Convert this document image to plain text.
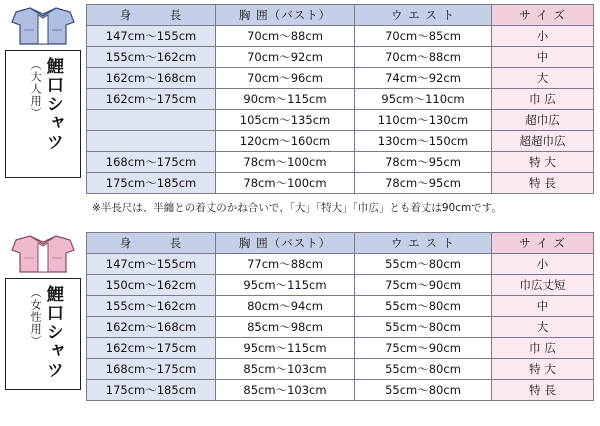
鯉口シャツ
（大人用）
身　　　長	胸 囲（バスト）	ウ エ ス ト	サ イ ズ
147cm〜155cm	70cm〜88cm	70cm〜85cm	小
155cm〜162cm	70cm〜92cm	70cm〜88cm	中
162cm〜168cm	70cm〜96cm	74cm〜92cm	大
162cm〜175cm	90cm〜115cm	95cm〜110cm	巾 広
	105cm〜135cm	110cm〜130cm	超巾広
	120cm〜160cm	130cm〜150cm	超超巾広
168cm〜175cm	78cm〜100cm	78cm〜95cm	特 大
175cm〜185cm	78cm〜100cm	78cm〜95cm	特 長
※半長尺は、半纏との着丈のかね合いで、「大」「特大」「巾広」とも着丈は90cmです。
鯉口シャツ
（女性用）
身　　　長	胸 囲（バスト）	ウ エ ス ト	サ イ ズ
147cm〜155cm	77cm〜88cm	55cm〜80cm	小
150cm〜162cm	95cm〜115cm	75cm〜90cm	巾広丈短
155cm〜162cm	80cm〜94cm	55cm〜80cm	中
162cm〜168cm	85cm〜98cm	55cm〜80cm	大
162cm〜175cm	95cm〜115cm	75cm〜90cm	巾 広
168cm〜175cm	85cm〜103cm	55cm〜80cm	特 大
175cm〜185cm	85cm〜103cm	55cm〜80cm	特 長
